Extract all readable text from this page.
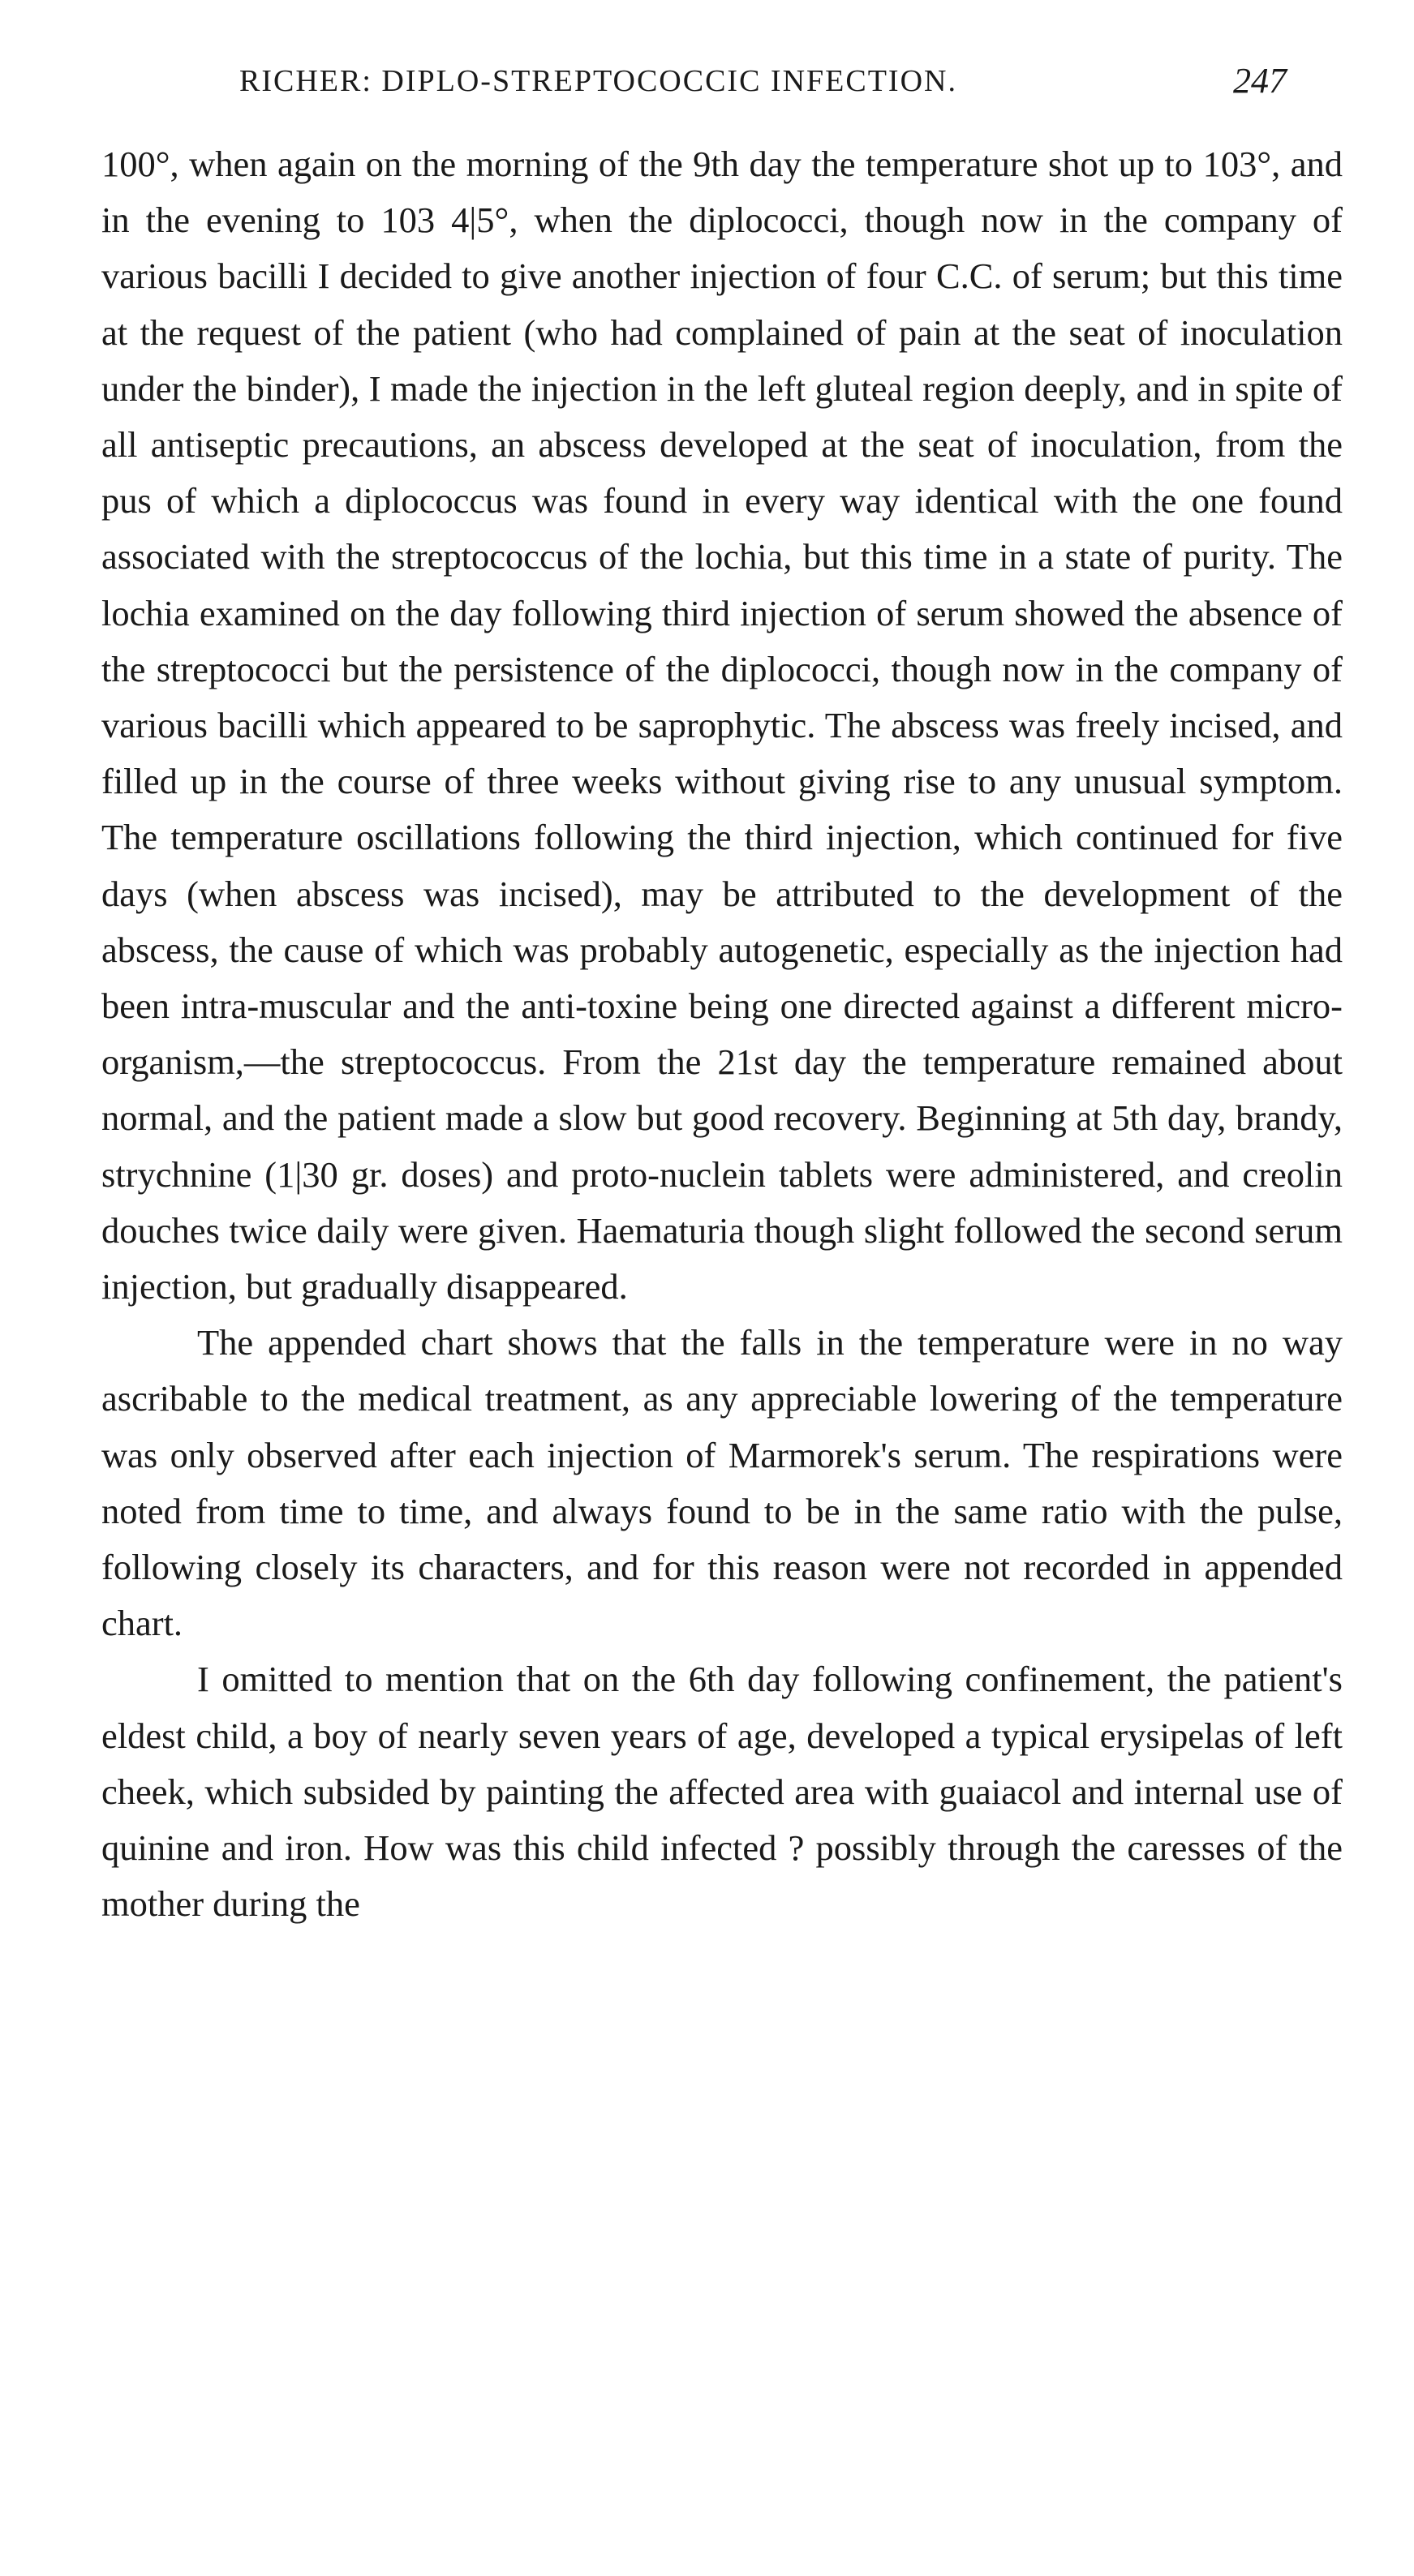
RICHER: DIPLO-STREPTOCOCCIC INFECTION.	247

100°, when again on the morning of the 9th day the temperature shot up to 103°, and in the evening to 103 4|5°, when the diplococci, though now in the company of various bacilli I decided to give another injection of four C.C. of serum; but this time at the request of the patient (who had complained of pain at the seat of inoculation under the binder), I made the injection in the left gluteal region deeply, and in spite of all antiseptic precautions, an abscess developed at the seat of inoculation, from the pus of which a diplococcus was found in every way identical with the one found associated with the streptococcus of the lochia, but this time in a state of purity. The lochia examined on the day following third injection of serum showed the absence of the streptococci but the persistence of the diplococci, though now in the company of various bacilli which appeared to be saprophytic. The abscess was freely incised, and filled up in the course of three weeks without giving rise to any unusual symptom. The temperature oscillations following the third injection, which continued for five days (when abscess was incised), may be attributed to the development of the abscess, the cause of which was probably autogenetic, especially as the injection had been intra-muscular and the anti-toxine being one directed against a different micro-organism,—the streptococcus. From the 21st day the temperature remained about normal, and the patient made a slow but good recovery. Beginning at 5th day, brandy, strychnine (1|30 gr. doses) and proto-nuclein tablets were administered, and creolin douches twice daily were given. Haematuria though slight followed the second serum injection, but gradually disappeared.

The appended chart shows that the falls in the temperature were in no way ascribable to the medical treatment, as any appreciable lowering of the temperature was only observed after each injection of Marmorek's serum. The respirations were noted from time to time, and always found to be in the same ratio with the pulse, following closely its characters, and for this reason were not recorded in appended chart.

I omitted to mention that on the 6th day following confinement, the patient's eldest child, a boy of nearly seven years of age, developed a typical erysipelas of left cheek, which subsided by painting the affected area with guaiacol and internal use of quinine and iron. How was this child infected ? possibly through the caresses of the mother during the
